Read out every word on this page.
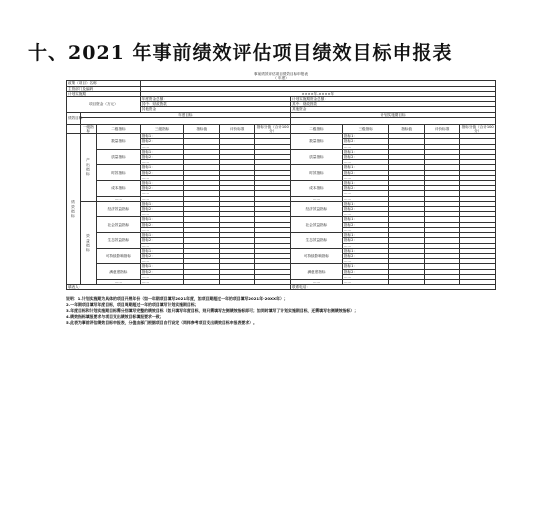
十、2021 年事前绩效评估项目绩效目标申报表
事前绩效评估项目绩效目标申报表											
（ 年度）											
政策（项目）名称											
主管部门及编码											
计划实施期			××××年-××××年								
项目资金（万元）			年度资金总额：				计划实施期资金总额：				
			其中：财政拨款				其中：财政拨款				
			其他资金				其他资金				
绩效目标	年度目标						计划实施期目标				

	一级指标	二级指标	三级指标	指标值	评价标准	指标分值（合计100分）	二级指标	三级指标	指标值	评价标准	指标分值（合计100分）
绩效指标	产出指标	数量指标	指标1：				数量指标	指标1：			
			指标2：					指标2：			
			……					……			
		质量指标	指标1：				质量指标	指标1：			
			指标2：					指标2：			
			……					……			
		时效指标	指标1：				时效指标	指标1：			
			指标2：					指标2：			
			……					……			
		成本指标	指标1：				成本指标	指标1：			
			指标2：					指标2：			
			……					……			
		……	……				……	……			
	效益指标	经济效益指标	指标1：				经济效益指标	指标1：			
			指标2：					指标2：			
			……					……			
		社会效益指标	指标1：				社会效益指标	指标1：			
			指标2：					指标2：			
			……					……			
		生态效益指标	指标1：				生态效益指标	指标1：			
			指标2：					指标2：			
			……					……			
		可持续影响指标	指标1：				可持续影响指标	指标1：			
			指标2：					指标2：			
			……					……			
		满意度指标	指标1：				满意度指标	指标1：			
			指标2：					指标2：			
			……					……			
		……	……				……	……			
填表人：							联系电话：				
说明：1.计划实施期为具体的项目开展年份（如一年期项目填写2021年度，如项目期超过一年的项目填写2021年-20XX年）；
2.一年期项目填写年度目标，项目周期超过一年的项目填写计划实施期目标；
3.年度目标和计划实施期目标需分别填写完整的绩效目标（如只填写年度目标，则只需填写左侧绩效指标即可；如同时填写了计划实施期目标，还需填写右侧绩效指标）；
4.绩效指标填报要求与项目支出绩效目标填报要求一致；
5.此表为事前评估绩效目标申报表，分值由部门根据项目自行设定（同样参考项目支出绩效目标申报表要求）。
